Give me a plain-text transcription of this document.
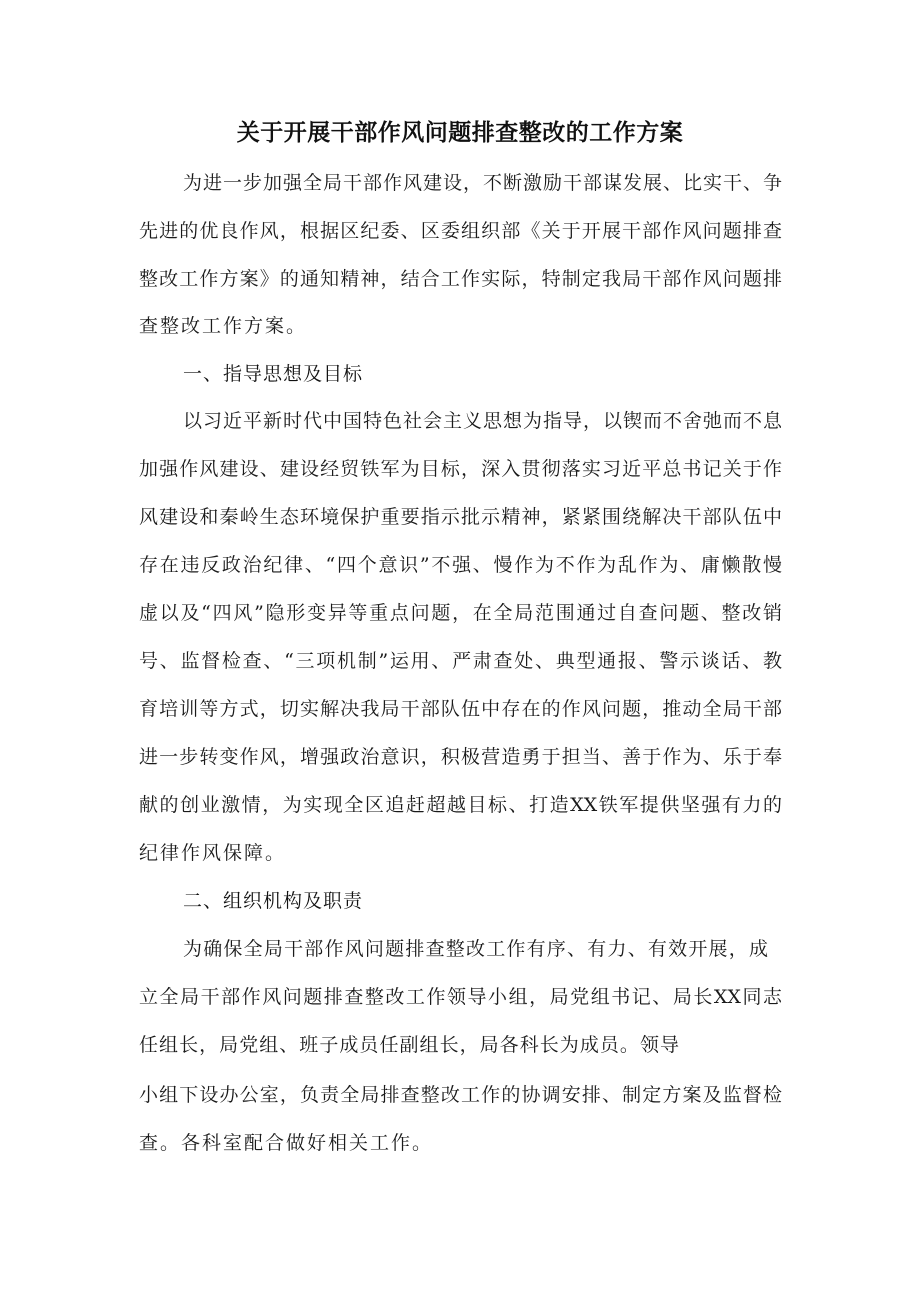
关于开展干部作风问题排查整改的工作方案

为进一步加强全局干部作风建设，不断激励干部谋发展、比实干、争

先进的优良作风，根据区纪委、区委组织部《关于开展干部作风问题排查

整改工作方案》的通知精神，结合工作实际，特制定我局干部作风问题排

查整改工作方案。

一、指导思想及目标

以习近平新时代中国特色社会主义思想为指导，以锲而不舍弛而不息

加强作风建设、建设经贸铁军为目标，深入贯彻落实习近平总书记关于作

风建设和秦岭生态环境保护重要指示批示精神，紧紧围绕解决干部队伍中

存在违反政治纪律、“四个意识”不强、慢作为不作为乱作为、庸懒散慢

虚以及“四风”隐形变异等重点问题，在全局范围通过自查问题、整改销

号、监督检查、“三项机制”运用、严肃查处、典型通报、警示谈话、教

育培训等方式，切实解决我局干部队伍中存在的作风问题，推动全局干部

进一步转变作风，增强政治意识，积极营造勇于担当、善于作为、乐于奉

献的创业激情，为实现全区追赶超越目标、打造XX铁军提供坚强有力的

纪律作风保障。

二、组织机构及职责

为确保全局干部作风问题排查整改工作有序、有力、有效开展，成

立全局干部作风问题排查整改工作领导小组，局党组书记、局长XX同志

任组长，局党组、班子成员任副组长，局各科长为成员。领导

小组下设办公室，负责全局排查整改工作的协调安排、制定方案及监督检

查。各科室配合做好相关工作。
